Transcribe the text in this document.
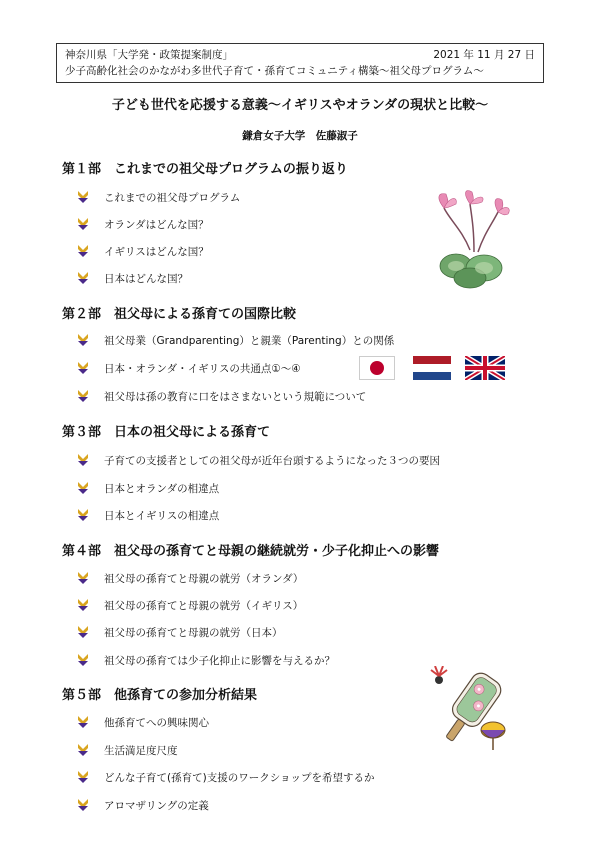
神奈川県「大学発・政策提案制度」	2021 年 11 月 27 日
少子高齢化社会のかながわ多世代子育て・孫育てコミュニティ構築～祖父母プログラム～
子ども世代を応援する意義～イギリスやオランダの現状と比較～
鎌倉女子大学　佐藤淑子
第１部　これまでの祖父母プログラムの振り返り
これまでの祖父母プログラム
オランダはどんな国？
イギリスはどんな国？
日本はどんな国？
第２部　祖父母による孫育ての国際比較
祖父母業（Grandparenting）と親業（Parenting）との関係
日本・オランダ・イギリスの共通点①～④
祖父母は孫の教育に口をはさまないという規範について
第３部　日本の祖父母による孫育て
子育ての支援者としての祖父母が近年台頭するようになった３つの要因
日本とオランダの相違点
日本とイギリスの相違点
第４部　祖父母の孫育てと母親の継続就労・少子化抑止への影響
祖父母の孫育てと母親の就労（オランダ）
祖父母の孫育てと母親の就労（イギリス）
祖父母の孫育てと母親の就労（日本）
祖父母の孫育ては少子化抑止に影響を与えるか？
第５部　他孫育ての参加分析結果
他孫育てへの興味関心
生活満足度尺度
どんな子育て(孫育て)支援のワークショップを希望するか
アロマザリングの定義
